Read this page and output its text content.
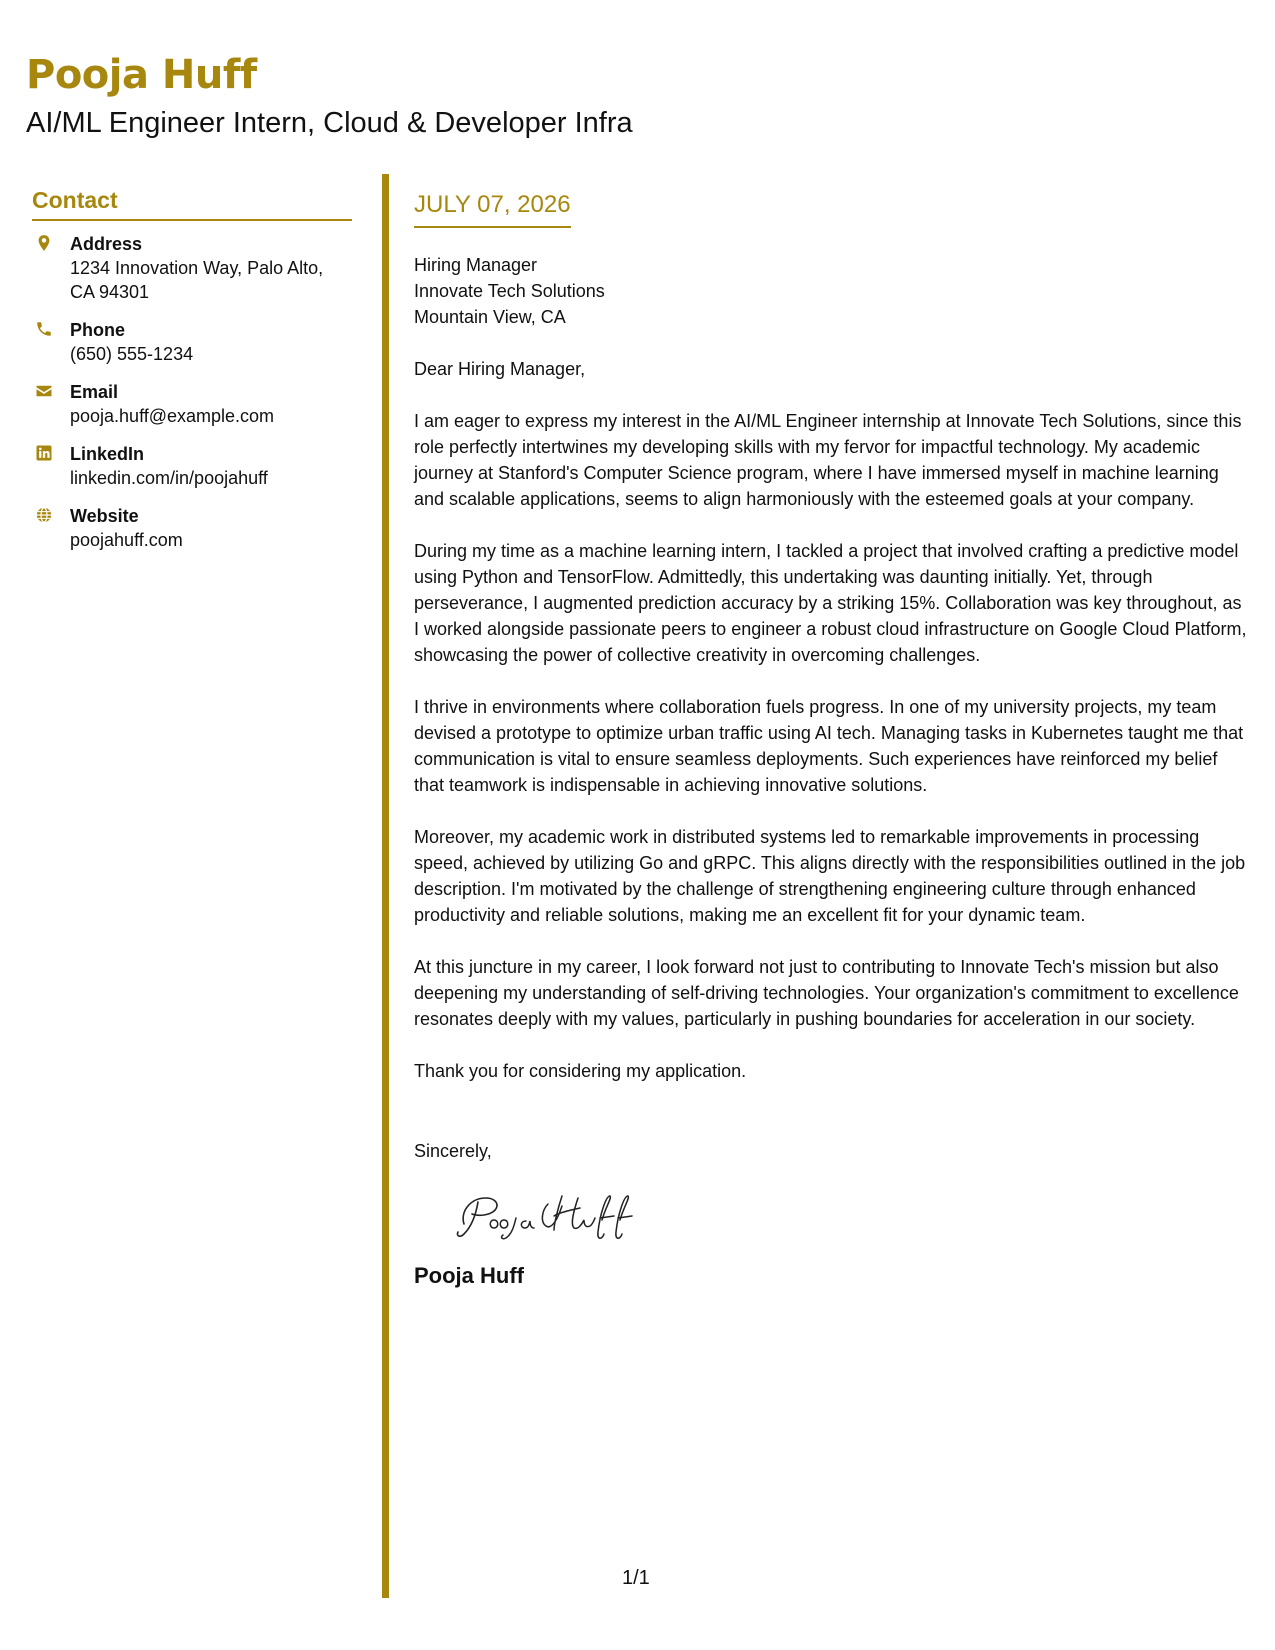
Pooja Huff

AI/ML Engineer Intern, Cloud & Developer Infra

Contact
Address
1234 Innovation Way, Palo Alto, CA 94301
Phone
(650) 555-1234
Email
pooja.huff@example.com
LinkedIn
linkedin.com/in/poojahuff
Website
poojahuff.com
JULY 07, 2026
Hiring Manager
Innovate Tech Solutions
Mountain View, CA

Dear Hiring Manager,

I am eager to express my interest in the AI/ML Engineer internship at Innovate Tech Solutions, since this role perfectly intertwines my developing skills with my fervor for impactful technology. My academic journey at Stanford's Computer Science program, where I have immersed myself in machine learning and scalable applications, seems to align harmoniously with the esteemed goals at your company.

During my time as a machine learning intern, I tackled a project that involved crafting a predictive model using Python and TensorFlow. Admittedly, this undertaking was daunting initially. Yet, through perseverance, I augmented prediction accuracy by a striking 15%. Collaboration was key throughout, as I worked alongside passionate peers to engineer a robust cloud infrastructure on Google Cloud Platform, showcasing the power of collective creativity in overcoming challenges.

I thrive in environments where collaboration fuels progress. In one of my university projects, my team devised a prototype to optimize urban traffic using AI tech. Managing tasks in Kubernetes taught me that communication is vital to ensure seamless deployments. Such experiences have reinforced my belief that teamwork is indispensable in achieving innovative solutions.

Moreover, my academic work in distributed systems led to remarkable improvements in processing speed, achieved by utilizing Go and gRPC. This aligns directly with the responsibilities outlined in the job description. I'm motivated by the challenge of strengthening engineering culture through enhanced productivity and reliable solutions, making me an excellent fit for your dynamic team.

At this juncture in my career, I look forward not just to contributing to Innovate Tech's mission but also deepening my understanding of self-driving technologies. Your organization's commitment to excellence resonates deeply with my values, particularly in pushing boundaries for acceleration in our society.

Thank you for considering my application.

Sincerely,

Pooja Huff
1/1
